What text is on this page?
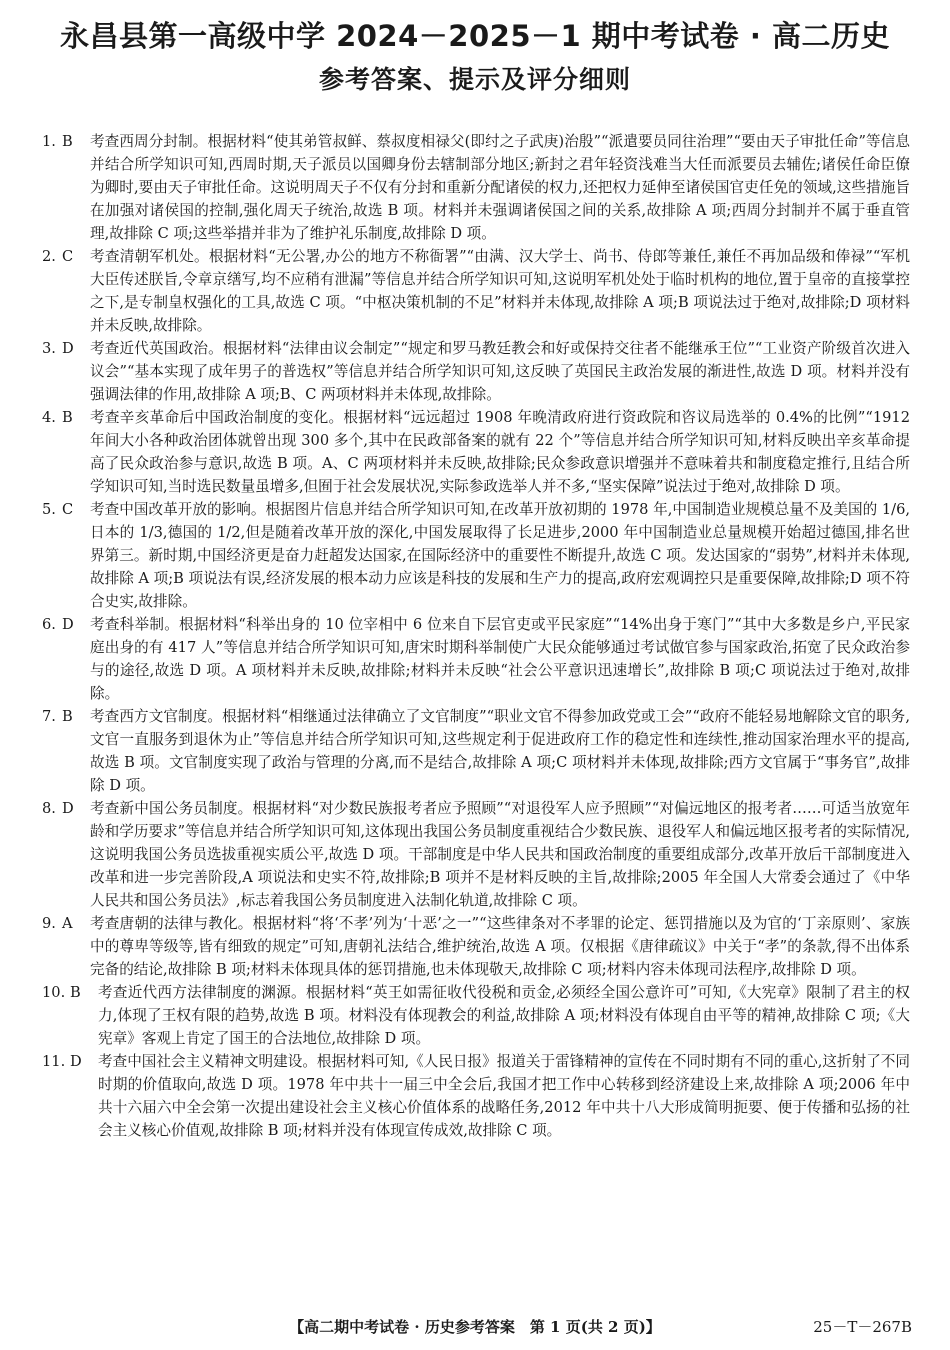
永昌县第一高级中学 2024－2025－1 期中考试卷 · 高二历史
参考答案、提示及评分细则
1. B	考查西周分封制。根据材料“使其弟管叔鲜、蔡叔度相禄父(即纣之子武庚)治殷”“派遣要员同往治理”“要由天子审批任命”等信息并结合所学知识可知,西周时期,天子派员以国卿身份去辖制部分地区;新封之君年轻资浅难当大任而派要员去辅佐;诸侯任命臣僚为卿时,要由天子审批任命。这说明周天子不仅有分封和重新分配诸侯的权力,还把权力延伸至诸侯国官吏任免的领域,这些措施旨在加强对诸侯国的控制,强化周天子统治,故选 B 项。材料并未强调诸侯国之间的关系,故排除 A 项;西周分封制并不属于垂直管理,故排除 C 项;这些举措并非为了维护礼乐制度,故排除 D 项。
2. C	考查清朝军机处。根据材料“无公署,办公的地方不称衙署”“由满、汉大学士、尚书、侍郎等兼任,兼任不再加品级和俸禄”“军机大臣传述朕旨,令章京缮写,均不应稍有泄漏”等信息并结合所学知识可知,这说明军机处处于临时机构的地位,置于皇帝的直接掌控之下,是专制皇权强化的工具,故选 C 项。“中枢决策机制的不足”材料并未体现,故排除 A 项;B 项说法过于绝对,故排除;D 项材料并未反映,故排除。
3. D	考查近代英国政治。根据材料“法律由议会制定”“规定和罗马教廷教会和好或保持交往者不能继承王位”“工业资产阶级首次进入议会”“基本实现了成年男子的普选权”等信息并结合所学知识可知,这反映了英国民主政治发展的渐进性,故选 D 项。材料并没有强调法律的作用,故排除 A 项;B、C 两项材料并未体现,故排除。
4. B	考查辛亥革命后中国政治制度的变化。根据材料“远远超过 1908 年晚清政府进行资政院和咨议局选举的 0.4%的比例”“1912 年间大小各种政治团体就曾出现 300 多个,其中在民政部备案的就有 22 个”等信息并结合所学知识可知,材料反映出辛亥革命提高了民众政治参与意识,故选 B 项。A、C 两项材料并未反映,故排除;民众参政意识增强并不意味着共和制度稳定推行,且结合所学知识可知,当时选民数量虽增多,但囿于社会发展状况,实际参政选举人并不多,“坚实保障”说法过于绝对,故排除 D 项。
5. C	考查中国改革开放的影响。根据图片信息并结合所学知识可知,在改革开放初期的 1978 年,中国制造业规模总量不及美国的 1/6,日本的 1/3,德国的 1/2,但是随着改革开放的深化,中国发展取得了长足进步,2000 年中国制造业总量规模开始超过德国,排名世界第三。新时期,中国经济更是奋力赶超发达国家,在国际经济中的重要性不断提升,故选 C 项。发达国家的“弱势”,材料并未体现,故排除 A 项;B 项说法有误,经济发展的根本动力应该是科技的发展和生产力的提高,政府宏观调控只是重要保障,故排除;D 项不符合史实,故排除。
6. D	考查科举制。根据材料“科举出身的 10 位宰相中 6 位来自下层官吏或平民家庭”“14%出身于寒门”“其中大多数是乡户,平民家庭出身的有 417 人”等信息并结合所学知识可知,唐宋时期科举制使广大民众能够通过考试做官参与国家政治,拓宽了民众政治参与的途径,故选 D 项。A 项材料并未反映,故排除;材料并未反映“社会公平意识迅速增长”,故排除 B 项;C 项说法过于绝对,故排除。
7. B	考查西方文官制度。根据材料“相继通过法律确立了文官制度”“职业文官不得参加政党或工会”“政府不能轻易地解除文官的职务,文官一直服务到退休为止”等信息并结合所学知识可知,这些规定利于促进政府工作的稳定性和连续性,推动国家治理水平的提高,故选 B 项。文官制度实现了政治与管理的分离,而不是结合,故排除 A 项;C 项材料并未体现,故排除;西方文官属于“事务官”,故排除 D 项。
8. D	考查新中国公务员制度。根据材料“对少数民族报考者应予照顾”“对退役军人应予照顾”“对偏远地区的报考者……可适当放宽年龄和学历要求”等信息并结合所学知识可知,这体现出我国公务员制度重视结合少数民族、退役军人和偏远地区报考者的实际情况,这说明我国公务员选拔重视实质公平,故选 D 项。干部制度是中华人民共和国政治制度的重要组成部分,改革开放后干部制度进入改革和进一步完善阶段,A 项说法和史实不符,故排除;B 项并不是材料反映的主旨,故排除;2005 年全国人大常委会通过了《中华人民共和国公务员法》,标志着我国公务员制度进入法制化轨道,故排除 C 项。
9. A	考查唐朝的法律与教化。根据材料“将‘不孝’列为‘十恶’之一”“这些律条对不孝罪的论定、惩罚措施以及为官的‘丁亲原则’、家族中的尊卑等级等,皆有细致的规定”可知,唐朝礼法结合,维护统治,故选 A 项。仅根据《唐律疏议》中关于“孝”的条款,得不出体系完备的结论,故排除 B 项;材料未体现具体的惩罚措施,也未体现敬天,故排除 C 项;材料内容未体现司法程序,故排除 D 项。
10. B	考查近代西方法律制度的渊源。根据材料“英王如需征收代役税和贡金,必须经全国公意许可”可知,《大宪章》限制了君主的权力,体现了王权有限的趋势,故选 B 项。材料没有体现教会的利益,故排除 A 项;材料没有体现自由平等的精神,故排除 C 项;《大宪章》客观上肯定了国王的合法地位,故排除 D 项。
11. D	考查中国社会主义精神文明建设。根据材料可知,《人民日报》报道关于雷锋精神的宣传在不同时期有不同的重心,这折射了不同时期的价值取向,故选 D 项。1978 年中共十一届三中全会后,我国才把工作中心转移到经济建设上来,故排除 A 项;2006 年中共十六届六中全会第一次提出建设社会主义核心价值体系的战略任务,2012 年中共十八大形成简明扼要、便于传播和弘扬的社会主义核心价值观,故排除 B 项;材料并没有体现宣传成效,故排除 C 项。
【高二期中考试卷 · 历史参考答案　第 1 页(共 2 页)】	25－T－267B
